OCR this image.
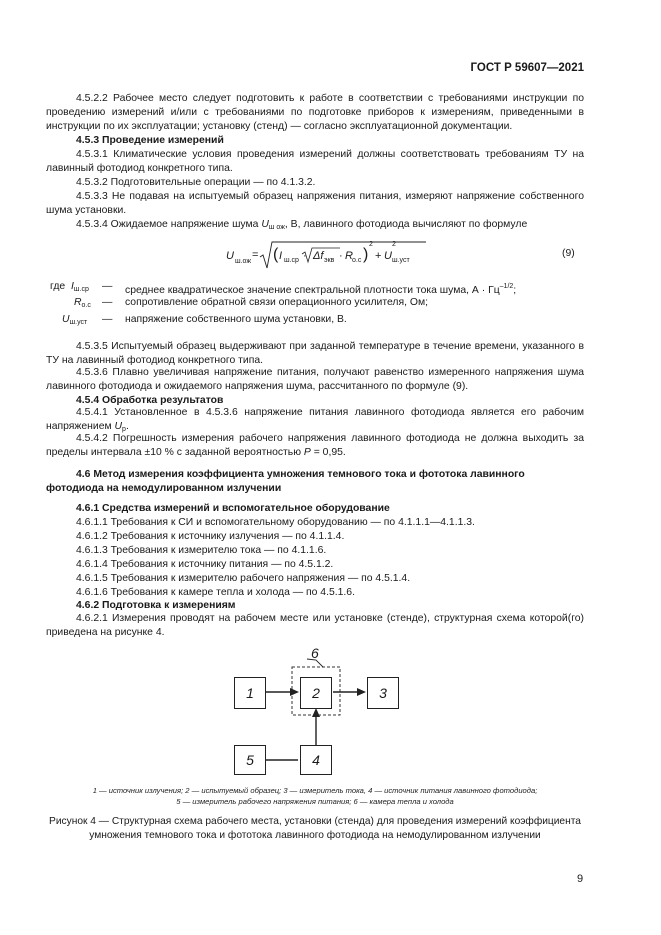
ГОСТ Р 59607—2021
4.5.2.2 Рабочее место следует подготовить к работе в соответствии с требованиями инструкции по проведению измерений и/или с требованиями по подготовке приборов к измерениям, приведенными в инструкции по их эксплуатации; установку (стенд) — согласно эксплуатационной документации.
4.5.3 Проведение измерений
4.5.3.1 Климатические условия проведения измерений должны соответствовать требованиям ТУ на лавинный фотодиод конкретного типа.
4.5.3.2 Подготовительные операции — по 4.1.3.2.
4.5.3.3 Не подавая на испытуемый образец напряжения питания, измеряют напряжение собственного шума установки.
4.5.3.4 Ожидаемое напряжение шума $U_{ш ож}$, В, лавинного фотодиода вычисляют по формуле
U ш.ож
= ( I ш.ср · Δf экв · R о.с )
2
+ U
2
ш.уст
(9)
где $I_{ш.ср}$ — среднее квадратическое значение спектральной плотности тока шума, $А \cdot Гц^{-1/2}$;
$R_{о.с}$ — сопротивление обратной связи операционного усилителя, Ом;
$U_{ш.уст}$ — напряжение собственного шума установки, В.
4.5.3.5 Испытуемый образец выдерживают при заданной температуре в течение времени, указанного в ТУ на лавинный фотодиод конкретного типа.
4.5.3.6 Плавно увеличивая напряжение питания, получают равенство измеренного напряжения шума лавинного фотодиода и ожидаемого напряжения шума, рассчитанного по формуле (9).
4.5.4 Обработка результатов
4.5.4.1 Установленное в 4.5.3.6 напряжение питания лавинного фотодиода является его рабочим напряжением $U_р$.
4.5.4.2 Погрешность измерения рабочего напряжения лавинного фотодиода не должна выходить за пределы интервала ±10 % с заданной вероятностью P = 0,95.
4.6 Метод измерения коэффициента умножения темнового тока и фототока лавинного фотодиода на немодулированном излучении
4.6.1 Средства измерений и вспомогательное оборудование
4.6.1.1 Требования к СИ и вспомогательному оборудованию — по 4.1.1.1—4.1.1.3.
4.6.1.2 Требования к источнику излучения — по 4.1.1.4.
4.6.1.3 Требования к измерителю тока — по 4.1.1.6.
4.6.1.4 Требования к источнику питания — по 4.5.1.2.
4.6.1.5 Требования к измерителю рабочего напряжения — по 4.5.1.4.
4.6.1.6 Требования к камере тепла и холода — по 4.5.1.6.
4.6.2 Подготовка к измерениям
4.6.2.1 Измерения проводят на рабочем месте или установке (стенде), структурная схема которой(го) приведена на рисунке 4.
1	2	3
4
5
6
1 — источник излучения; 2 — испытуемый образец; 3 — измеритель тока, 4 — источник питания лавинного фотодиода;
5 — измеритель рабочего напряжения питания; 6 — камера тепла и холода
Рисунок 4 — Структурная схема рабочего места, установки (стенда) для проведения измерений коэффициента умножения темнового тока и фототока лавинного фотодиода на немодулированном излучении
9
